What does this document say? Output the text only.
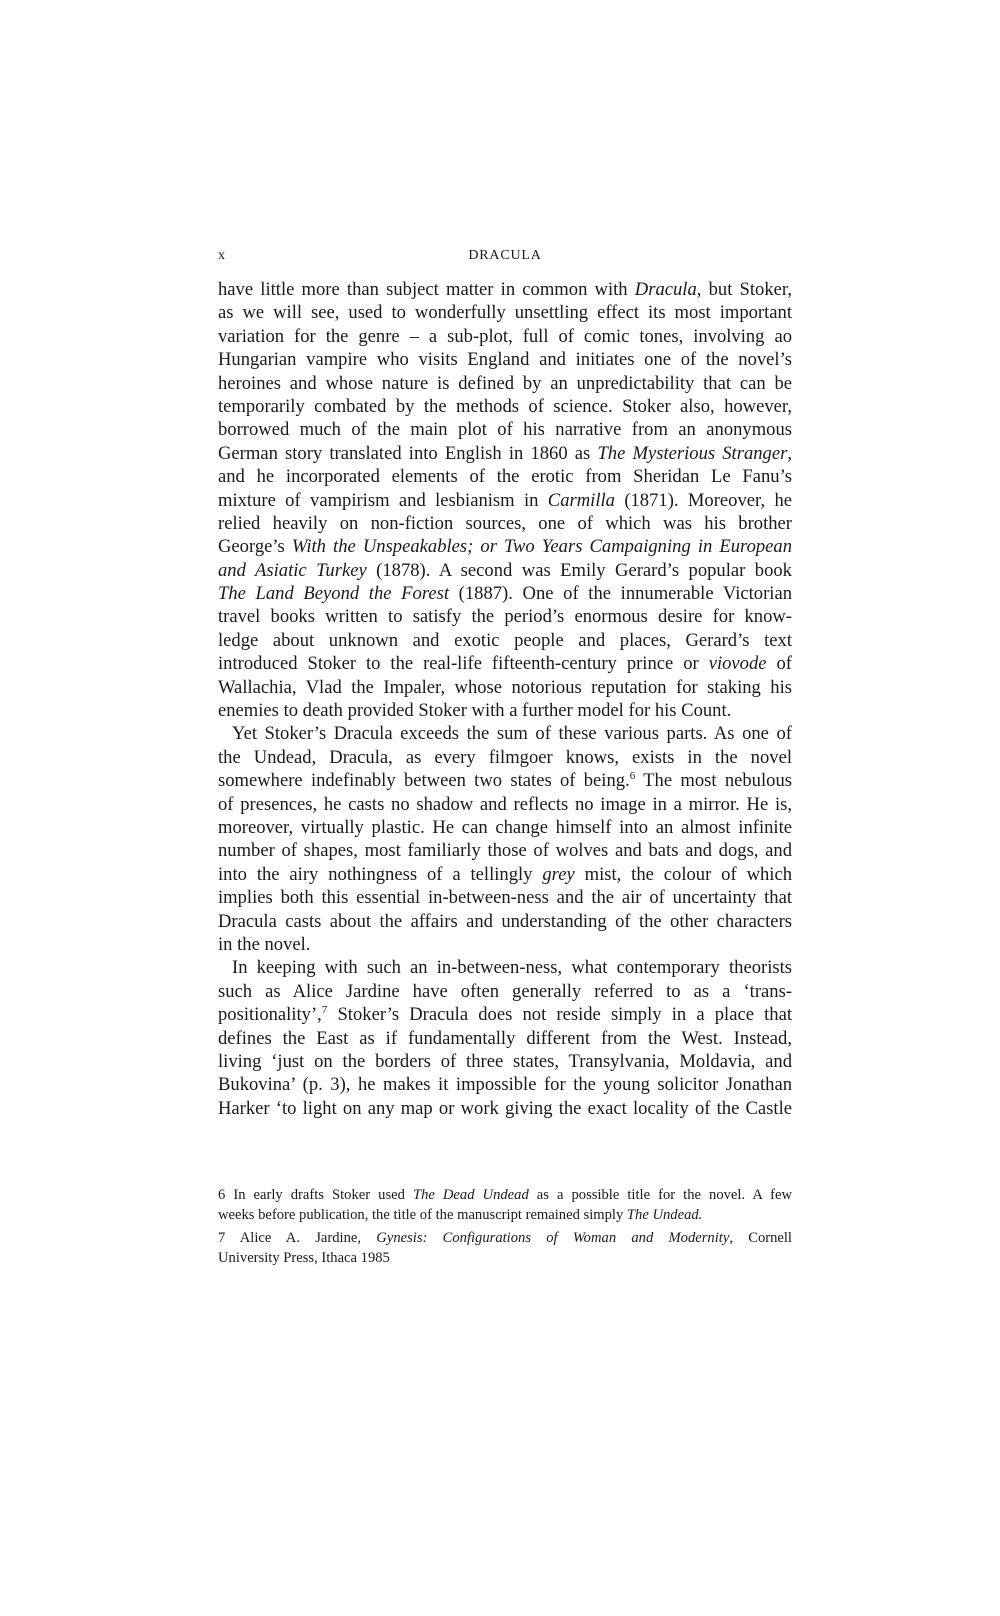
x	DRACULA
have little more than subject matter in common with Dracula, but Stoker,
as we will see, used to wonderfully unsettling effect its most important
variation for the genre – a sub-plot, full of comic tones, involving ao
Hungarian vampire who visits England and initiates one of the novel’s
heroines and whose nature is defined by an unpredictability that can be
temporarily combated by the methods of science. Stoker also, however,
borrowed much of the main plot of his narrative from an anonymous
German story translated into English in 1860 as The Mysterious Stranger,
and he incorporated elements of the erotic from Sheridan Le Fanu’s
mixture of vampirism and lesbianism in Carmilla (1871). Moreover, he
relied heavily on non-fiction sources, one of which was his brother
George’s With the Unspeakables; or Two Years Campaigning in European
and Asiatic Turkey (1878). A second was Emily Gerard’s popular book
The Land Beyond the Forest (1887). One of the innumerable Victorian
travel books written to satisfy the period’s enormous desire for know-
ledge about unknown and exotic people and places, Gerard’s text
introduced Stoker to the real-life fifteenth-century prince or viovode of
Wallachia, Vlad the Impaler, whose notorious reputation for staking his
enemies to death provided Stoker with a further model for his Count.
Yet Stoker’s Dracula exceeds the sum of these various parts. As one of
the Undead, Dracula, as every filmgoer knows, exists in the novel
somewhere indefinably between two states of being.$^6$ The most nebulous
of presences, he casts no shadow and reflects no image in a mirror. He is,
moreover, virtually plastic. He can change himself into an almost infinite
number of shapes, most familiarly those of wolves and bats and dogs, and
into the airy nothingness of a tellingly grey mist, the colour of which
implies both this essential in-between-ness and the air of uncertainty that
Dracula casts about the affairs and understanding of the other characters
in the novel.
In keeping with such an in-between-ness, what contemporary theorists
such as Alice Jardine have often generally referred to as a ‘trans-
positionality’,$^7$ Stoker’s Dracula does not reside simply in a place that
defines the East as if fundamentally different from the West. Instead,
living ‘just on the borders of three states, Transylvania, Moldavia, and
Bukovina’ (p. 3), he makes it impossible for the young solicitor Jonathan
Harker ‘to light on any map or work giving the exact locality of the Castle
6 In early drafts Stoker used The Dead Undead as a possible title for the novel. A few
weeks before publication, the title of the manuscript remained simply The Undead.
7 Alice A. Jardine, Gynesis: Configurations of Woman and Modernity, Cornell
University Press, Ithaca 1985
